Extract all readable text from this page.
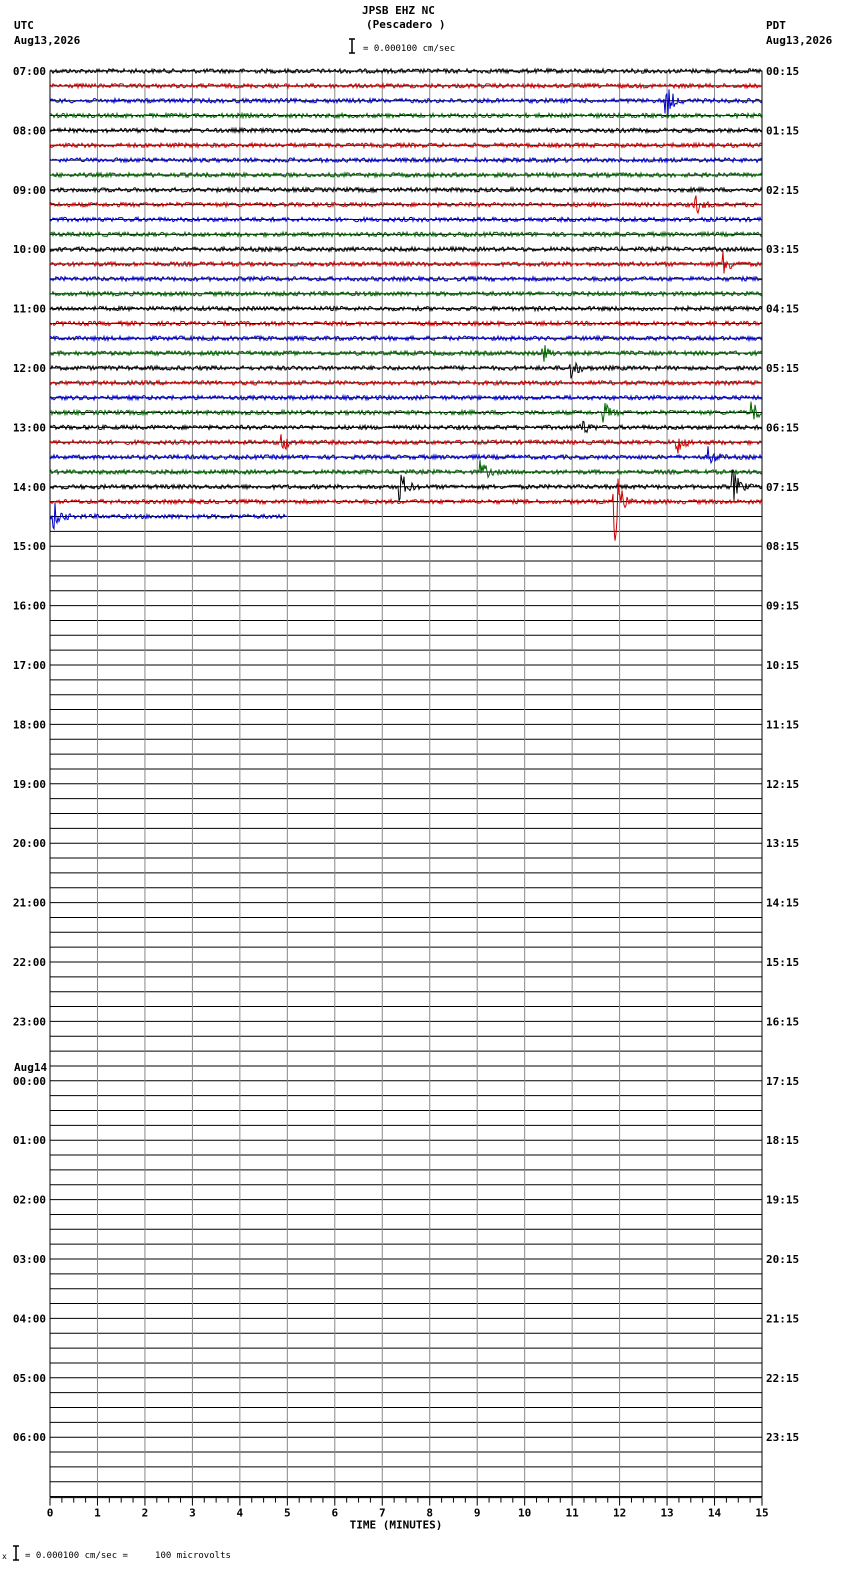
JPSB EHZ NC
(Pescadero )

= 0.000100 cm/sec
UTC
Aug13,2026
PDT
Aug13,2026
0	1	2	3	4	5	6	7	8	9	10	11	12	13	14	15
TIME (MINUTES)
07:00
08:00
09:00
10:00
11:00
12:00
13:00
14:00
15:00
16:00
17:00
18:00
19:00
20:00
21:00
22:00
23:00
00:00
Aug14
01:00
02:00
03:00
04:00
05:00
06:00
00:15
01:15
02:15
03:15
04:15
05:15
06:15
07:15
08:15
09:15
10:15
11:15
12:15
13:15
14:15
15:15
16:15
17:15
18:15
19:15
20:15
21:15
22:15
23:15
x

= 0.000100 cm/sec =     100 microvolts
